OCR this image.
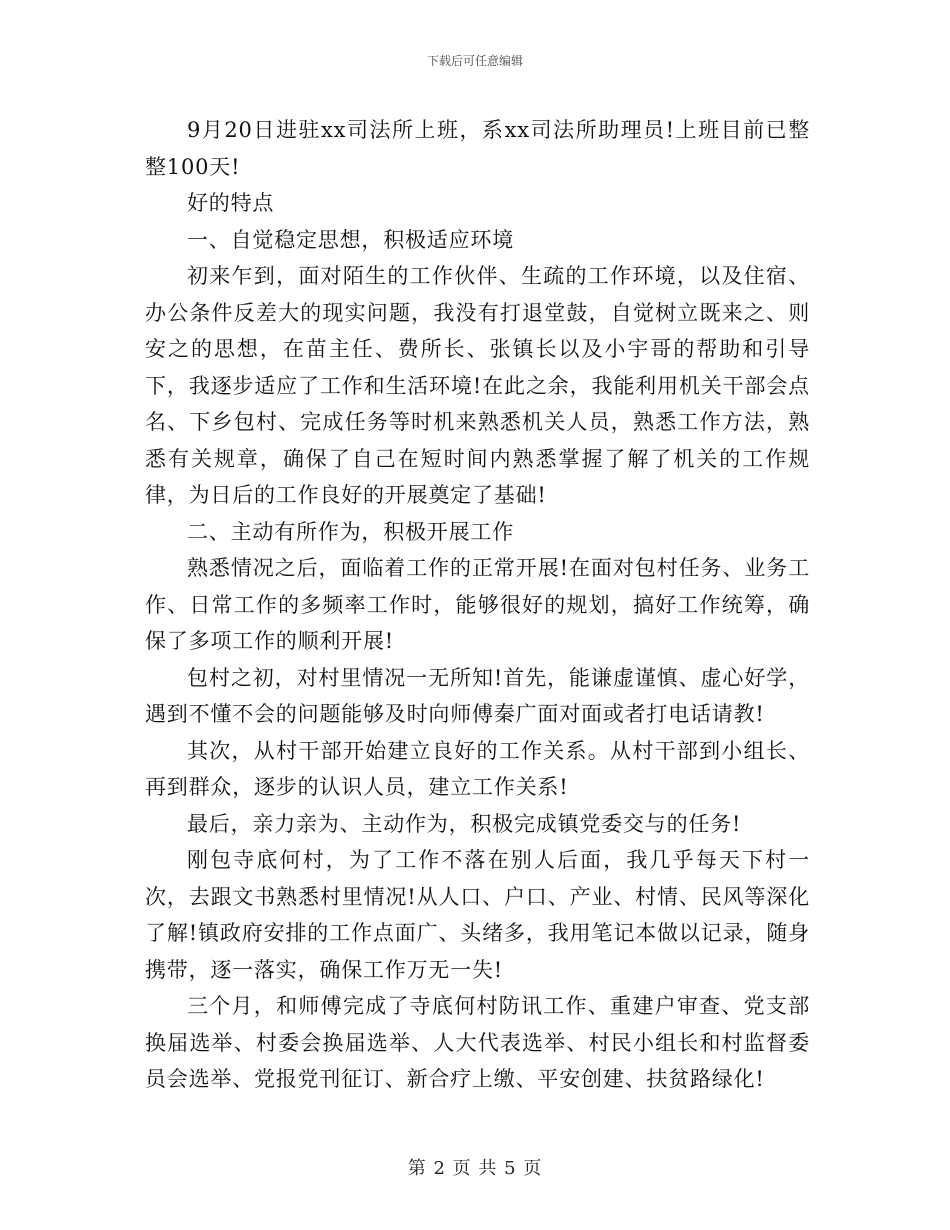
下载后可任意编辑

9月20日进驻xx司法所上班，系xx司法所助理员!上班目前已整整100天!

好的特点

一、自觉稳定思想，积极适应环境

初来乍到，面对陌生的工作伙伴、生疏的工作环境，以及住宿、办公条件反差大的现实问题，我没有打退堂鼓，自觉树立既来之、则安之的思想，在苗主任、费所长、张镇长以及小宇哥的帮助和引导下，我逐步适应了工作和生活环境!在此之余，我能利用机关干部会点名、下乡包村、完成任务等时机来熟悉机关人员，熟悉工作方法，熟悉有关规章，确保了自己在短时间内熟悉掌握了解了机关的工作规律，为日后的工作良好的开展奠定了基础!

二、主动有所作为，积极开展工作

熟悉情况之后，面临着工作的正常开展!在面对包村任务、业务工作、日常工作的多频率工作时，能够很好的规划，搞好工作统筹，确保了多项工作的顺利开展!

包村之初，对村里情况一无所知!首先，能谦虚谨慎、虚心好学，遇到不懂不会的问题能够及时向师傅秦广面对面或者打电话请教!

其次，从村干部开始建立良好的工作关系。从村干部到小组长、再到群众，逐步的认识人员，建立工作关系!

最后，亲力亲为、主动作为，积极完成镇党委交与的任务!

刚包寺底何村，为了工作不落在别人后面，我几乎每天下村一次，去跟文书熟悉村里情况!从人口、户口、产业、村情、民风等深化了解!镇政府安排的工作点面广、头绪多，我用笔记本做以记录，随身携带，逐一落实，确保工作万无一失!

三个月，和师傅完成了寺底何村防讯工作、重建户审查、党支部换届选举、村委会换届选举、人大代表选举、村民小组长和村监督委员会选举、党报党刊征订、新合疗上缴、平安创建、扶贫路绿化!

第 2 页 共 5 页
